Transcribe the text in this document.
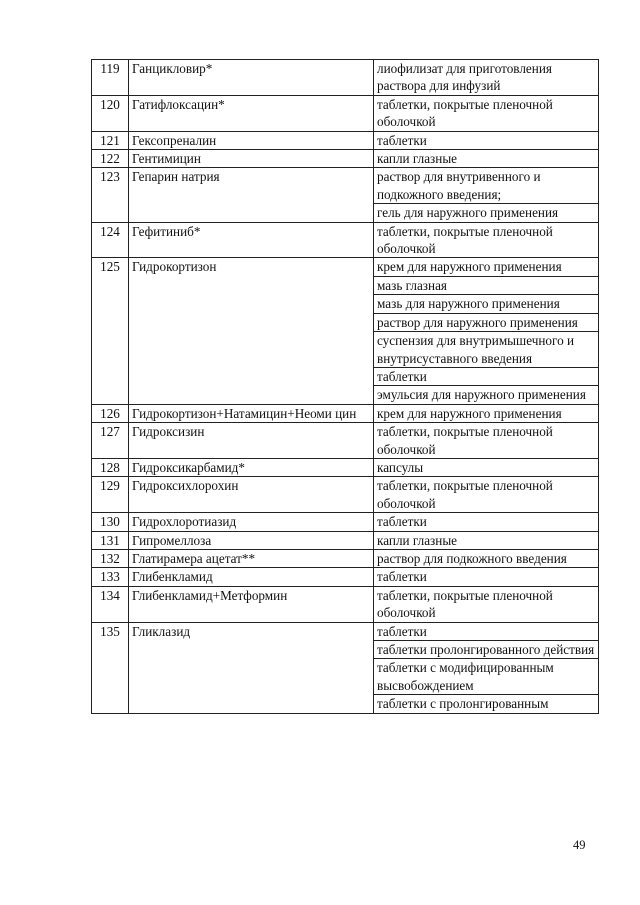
119	Ганцикловир*	лиофилизат для приготовления раствора для инфузий
120	Гатифлоксацин*	таблетки, покрытые пленочной оболочкой
121	Гексопреналин	таблетки
122	Гентимицин	капли глазные
123	Гепарин натрия	раствор для внутривенного и подкожного введения;
		гель для наружного применения
124	Гефитиниб*	таблетки, покрытые пленочной оболочкой
125	Гидрокортизон	крем для наружного применения
		мазь глазная
		мазь для наружного применения
		раствор для наружного применения
		суспензия для внутримышечного и внутрисуставного введения
		таблетки
		эмульсия для наружного применения
126	Гидрокортизон+Натамицин+Неоми цин	крем для наружного применения
127	Гидроксизин	таблетки, покрытые пленочной оболочкой
128	Гидроксикарбамид*	капсулы
129	Гидроксихлорохин	таблетки, покрытые пленочной оболочкой
130	Гидрохлоротиазид	таблетки
131	Гипромеллоза	капли глазные
132	Глатирамера ацетат**	раствор для подкожного введения
133	Глибенкламид	таблетки
134	Глибенкламид+Метформин	таблетки, покрытые пленочной оболочкой
135	Гликлазид	таблетки
		таблетки пролонгированного действия
		таблетки с модифицированным высвобождением
		таблетки с пролонгированным
49
